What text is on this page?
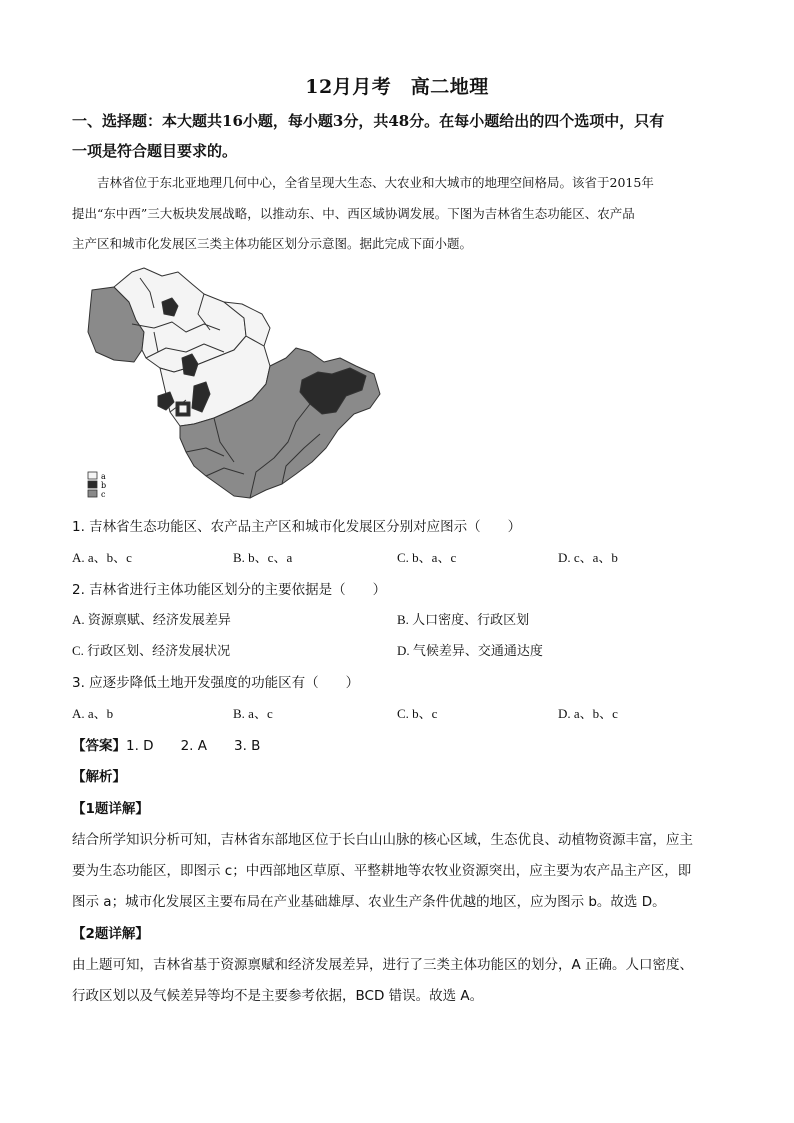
12月月考　高二地理
一、选择题：本大题共16小题，每小题3分，共48分。在每小题给出的四个选项中，只有
一项是符合题目要求的。
　　吉林省位于东北亚地理几何中心，全省呈现大生态、大农业和大城市的地理空间格局。该省于2015年
提出“东中西”三大板块发展战略，以推动东、中、西区域协调发展。下图为吉林省生态功能区、农产品
主产区和城市化发展区三类主体功能区划分示意图。据此完成下面小题。
a
b
c
1. 吉林省生态功能区、农产品主产区和城市化发展区分别对应图示（　　）
A. a、b、c	B. b、c、a	C. b、a、c	D. c、a、b
2. 吉林省进行主体功能区划分的主要依据是（　　）
A. 资源禀赋、经济发展差异	B. 人口密度、行政区划
C. 行政区划、经济发展状况	D. 气候差异、交通通达度
3. 应逐步降低土地开发强度的功能区有（　　）
A. a、b	B. a、c	C. b、c	D. a、b、c
【答案】1. D　　2. A　　3. B
【解析】
【1题详解】
结合所学知识分析可知，吉林省东部地区位于长白山山脉的核心区域，生态优良、动植物资源丰富，应主
要为生态功能区，即图示 c；中西部地区草原、平整耕地等农牧业资源突出，应主要为农产品主产区，即
图示 a；城市化发展区主要布局在产业基础雄厚、农业生产条件优越的地区，应为图示 b。故选 D。
【2题详解】
由上题可知，吉林省基于资源禀赋和经济发展差异，进行了三类主体功能区的划分，A 正确。人口密度、
行政区划以及气候差异等均不是主要参考依据，BCD 错误。故选 A。
